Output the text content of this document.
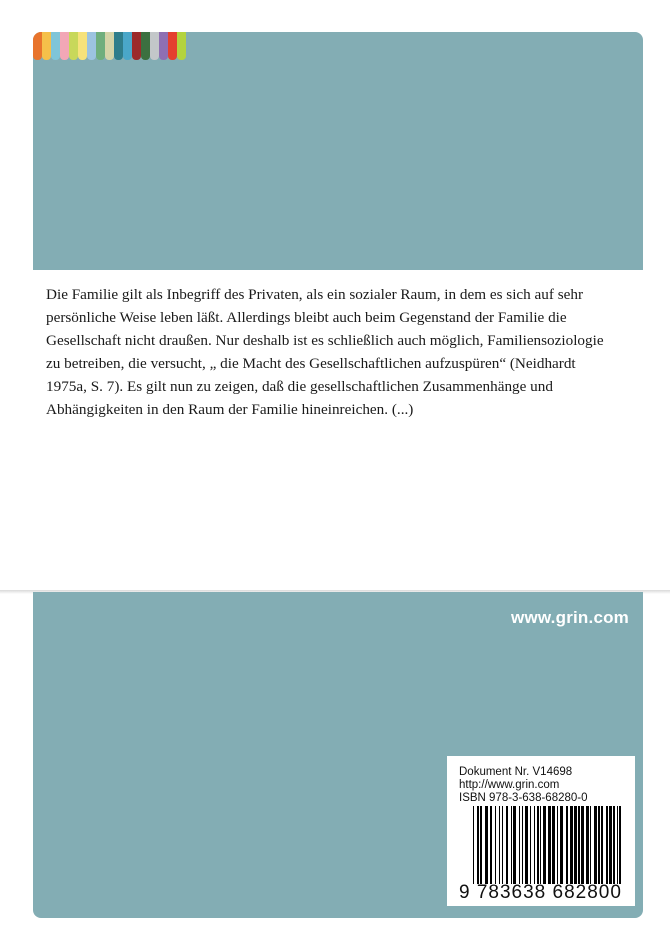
Die Familie gilt als Inbegriff des Privaten, als ein sozialer Raum, in dem es sich auf sehr
persönliche Weise leben läßt. Allerdings bleibt auch beim Gegenstand der Familie die
Gesellschaft nicht draußen. Nur deshalb ist es schließlich auch möglich, Familiensoziologie
zu betreiben, die versucht, „ die Macht des Gesellschaftlichen aufzuspüren“ (Neidhardt
1975a, S. 7). Es gilt nun zu zeigen, daß die gesellschaftlichen Zusammenhänge und
Abhängigkeiten in den Raum der Familie hineinreichen. (...)

www.grin.com
Dokument Nr. V14698
http://www.grin.com
ISBN 978-3-638-68280-0
9 783638 682800
